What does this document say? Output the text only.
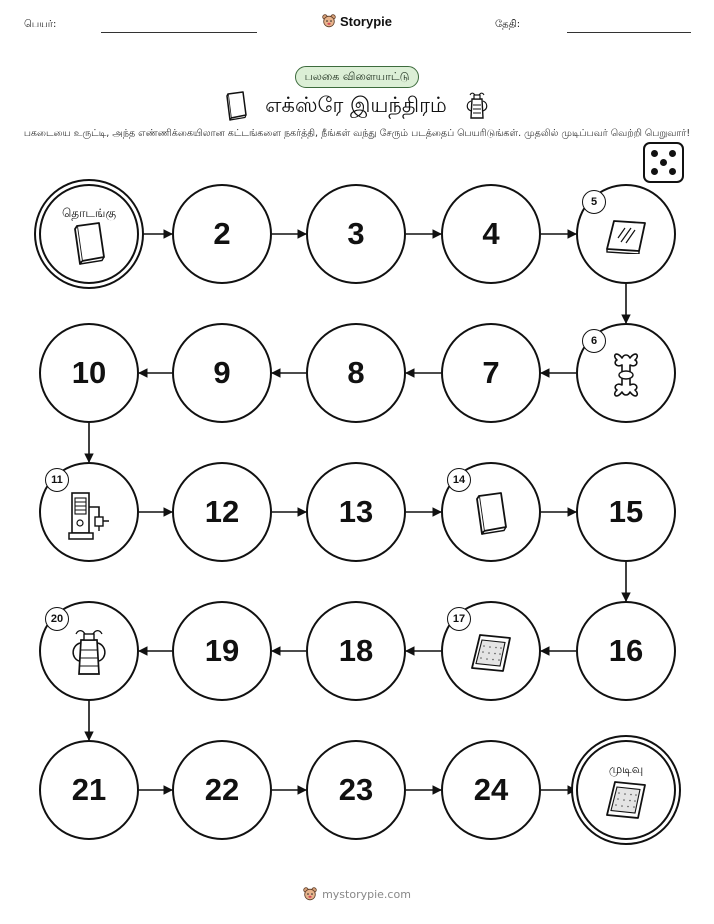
பெயர்:	Storypie	தேதி:
பலகை விளையாட்டு
எக்ஸ்ரே இயந்திரம்
பகடையை உருட்டி, அந்த எண்ணிக்கையிலான கட்டங்களை நகர்த்தி, நீங்கள் வந்து சேரும் படத்தைப் பெயரிடுங்கள். முதலில் முடிப்பவர் வெற்றி பெறுவார்!
தொடங்கு
2	3	4
5
6
7
8
9
10
11
12	13
14
15
16
17
18
19
20
21	22	23	24
முடிவு
mystorypie.com
